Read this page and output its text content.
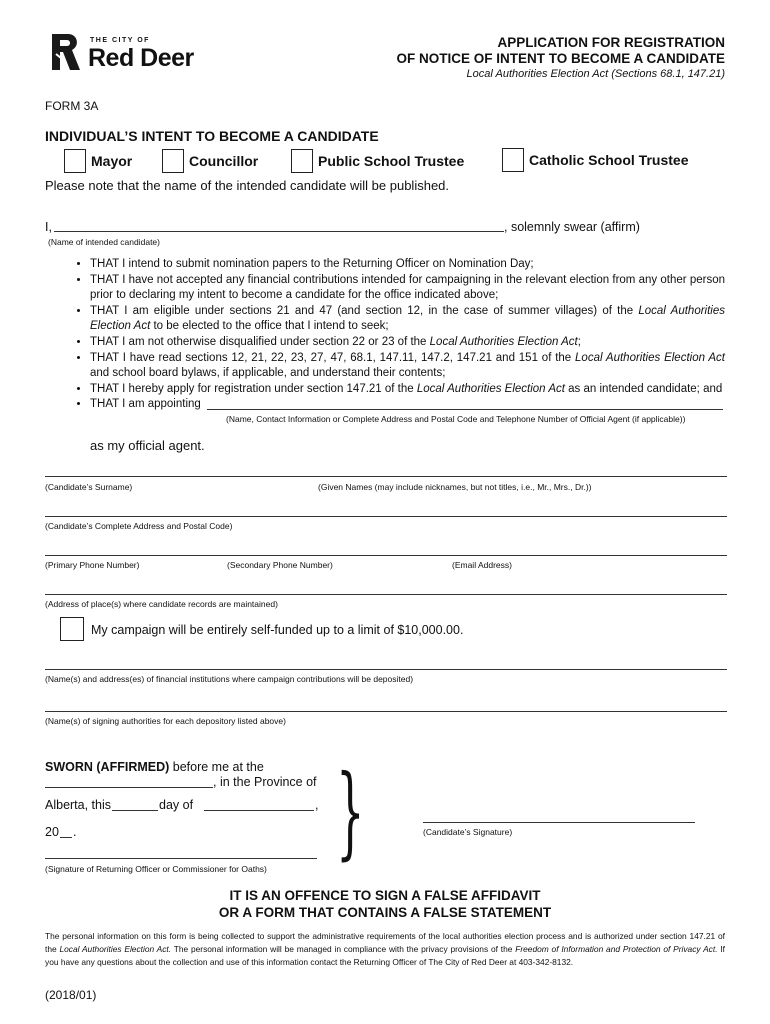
THE CITY OF
Red Deer
APPLICATION FOR REGISTRATION
OF NOTICE OF INTENT TO BECOME A CANDIDATE
Local Authorities Election Act (Sections 68.1, 147.21)
FORM 3A
INDIVIDUAL’S INTENT TO BECOME A CANDIDATE
Mayor	Councillor	Public School Trustee	Catholic School Trustee
Please note that the name of the intended candidate will be published.
I,	, solemnly swear (affirm)
(Name of intended candidate)
• THAT I intend to submit nomination papers to the Returning Officer on Nomination Day;
• THAT I have not accepted any financial contributions intended for campaigning in the relevant election from any other person prior to declaring my intent to become a candidate for the office indicated above;
• THAT I am eligible under sections 21 and 47 (and section 12, in the case of summer villages) of the Local Authorities Election Act to be elected to the office that I intend to seek;
• THAT I am not otherwise disqualified under section 22 or 23 of the Local Authorities Election Act;
• THAT I have read sections 12, 21, 22, 23, 27, 47, 68.1, 147.11, 147.2, 147.21 and 151 of the Local Authorities Election Act and school board bylaws, if applicable, and understand their contents;
• THAT I hereby apply for registration under section 147.21 of the Local Authorities Election Act as an intended candidate; and
• THAT I am appointing
(Name, Contact Information or Complete Address and Postal Code and Telephone Number of Official Agent (if applicable))
as my official agent.
(Candidate’s Surname)	(Given Names (may include nicknames, but not titles, i.e., Mr., Mrs., Dr.))
(Candidate’s Complete Address and Postal Code)
(Primary Phone Number)	(Secondary Phone Number)	(Email Address)
(Address of place(s) where candidate records are maintained)
My campaign will be entirely self-funded up to a limit of $10,000.00.
(Name(s) and address(es) of financial institutions where campaign contributions will be deposited)
(Name(s) of signing authorities for each depository listed above)
SWORN (AFFIRMED) before me at the
, in the Province of
Alberta, this	day of	,
20 .	}	(Candidate’s Signature)
(Signature of Returning Officer or Commissioner for Oaths)
IT IS AN OFFENCE TO SIGN A FALSE AFFIDAVIT
OR A FORM THAT CONTAINS A FALSE STATEMENT
The personal information on this form is being collected to support the administrative requirements of the local authorities election process and is authorized under section 147.21 of the Local Authorities Election Act. The personal information will be managed in compliance with the privacy provisions of the Freedom of Information and Protection of Privacy Act. If you have any questions about the collection and use of this information contact the Returning Officer of The City of Red Deer at 403-342-8132.
(2018/01)
